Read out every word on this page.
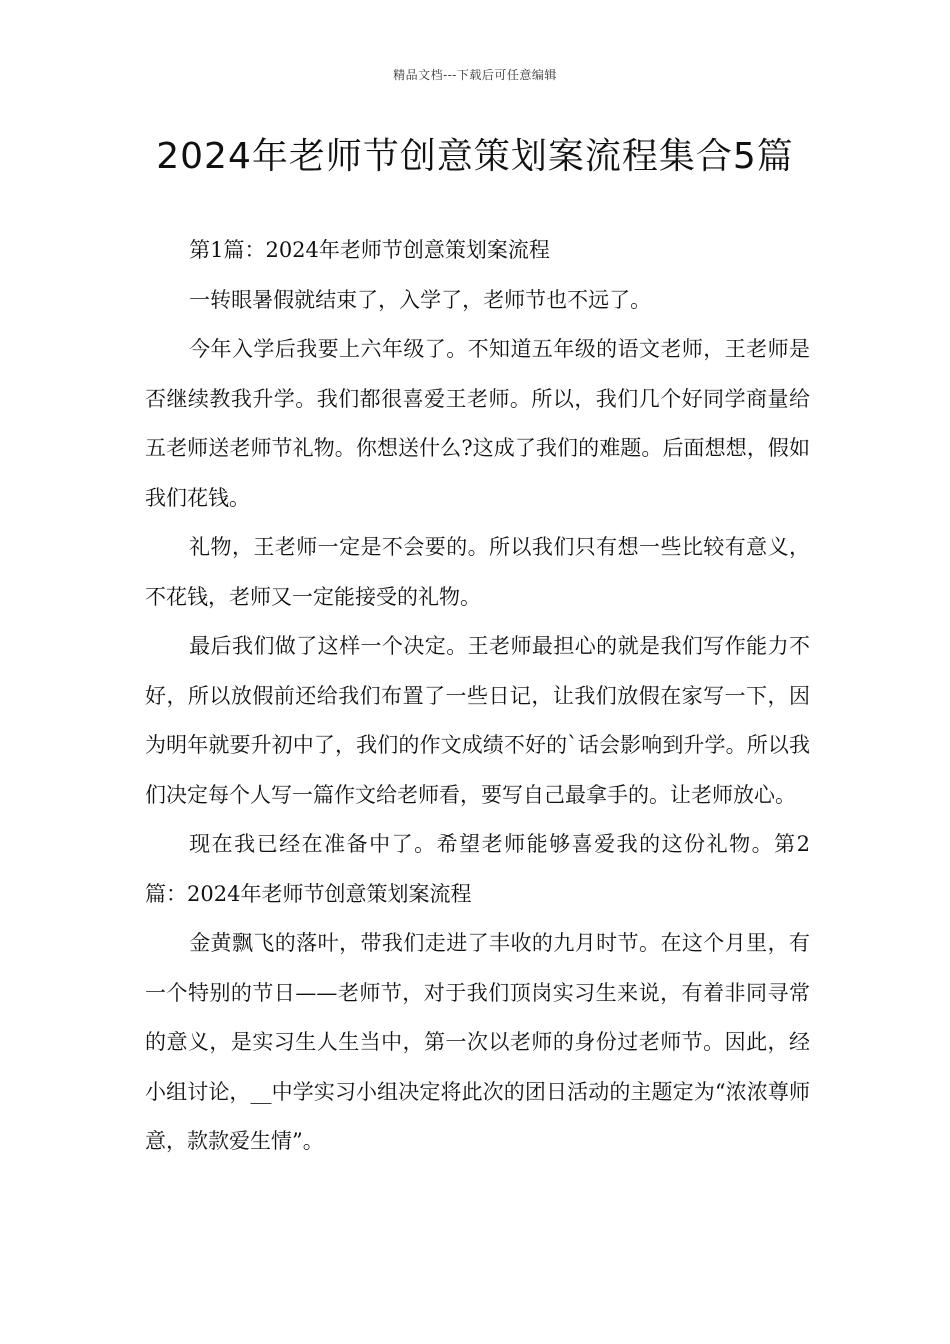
精品文档---下载后可任意编辑
2024年老师节创意策划案流程集合5篇

第1篇：2024年老师节创意策划案流程

一转眼暑假就结束了，入学了，老师节也不远了。

今年入学后我要上六年级了。不知道五年级的语文老师，王老师是否继续教我升学。我们都很喜爱王老师。所以，我们几个好同学商量给五老师送老师节礼物。你想送什么?这成了我们的难题。后面想想，假如我们花钱。

礼物，王老师一定是不会要的。所以我们只有想一些比较有意义，不花钱，老师又一定能接受的礼物。

最后我们做了这样一个决定。王老师最担心的就是我们写作能力不好，所以放假前还给我们布置了一些日记，让我们放假在家写一下，因为明年就要升初中了，我们的作文成绩不好的`话会影响到升学。所以我们决定每个人写一篇作文给老师看，要写自己最拿手的。让老师放心。

现在我已经在准备中了。希望老师能够喜爱我的这份礼物。第2篇：2024年老师节创意策划案流程

金黄飘飞的落叶，带我们走进了丰收的九月时节。在这个月里，有一个特别的节日——老师节，对于我们顶岗实习生来说，有着非同寻常的意义，是实习生人生当中，第一次以老师的身份过老师节。因此，经小组讨论，__中学实习小组决定将此次的团日活动的主题定为“浓浓尊师意，款款爱生情”。
